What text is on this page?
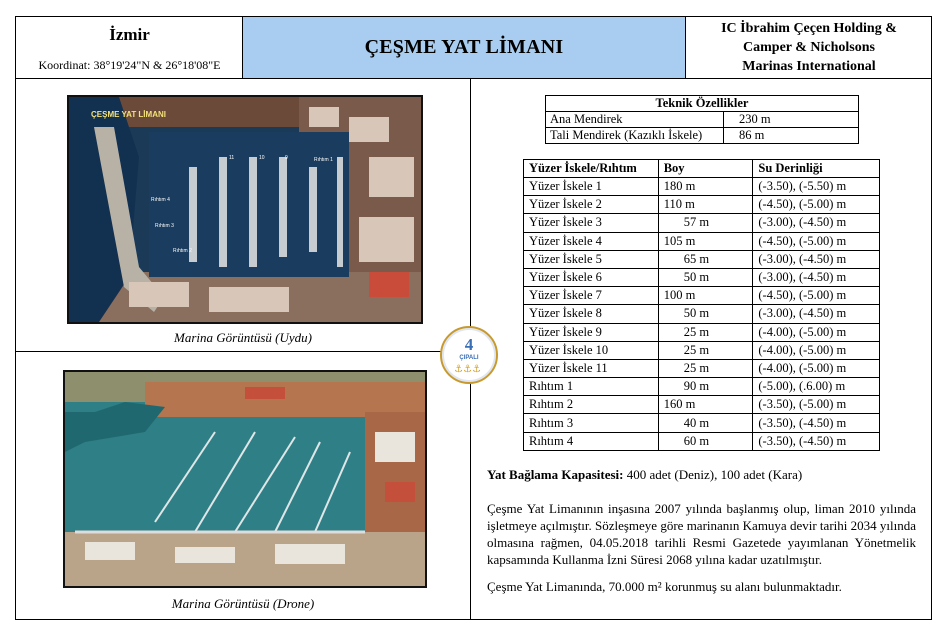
İzmir
Koordinat: 38°19'24"N & 26°18'08"E
ÇEŞME YAT LİMANI
IC İbrahim Çeçen Holding &
Camper & Nicholsons
Marinas International
ÇEŞME YAT LİMANI
11	10	9	Rıhtım 1
Rıhtım 4
Rıhtım 3
Rıhtım 2
Marina Görüntüsü (Uydu)
Marina Görüntüsü (Drone)
4
ÇIPALI
⚓ ⚓ ⚓
Teknik Özellikler	
Ana Mendirek	230 m
Tali Mendirek (Kazıklı İskele)	86 m
Yüzer İskele/Rıhtım	Boy	Su Derinliği
Yüzer İskele 1	180 m	(-3.50), (-5.50) m
Yüzer İskele 2	110 m	(-4.50), (-5.00) m
Yüzer İskele 3	57 m	(-3.00), (-4.50) m
Yüzer İskele 4	105 m	(-4.50), (-5.00) m
Yüzer İskele 5	65 m	(-3.00), (-4.50) m
Yüzer İskele 6	50 m	(-3.00), (-4.50) m
Yüzer İskele 7	100 m	(-4.50), (-5.00) m
Yüzer İskele 8	50 m	(-3.00), (-4.50) m
Yüzer İskele 9	25 m	(-4.00), (-5.00) m
Yüzer İskele 10	25 m	(-4.00), (-5.00) m
Yüzer İskele 11	25 m	(-4.00), (-5.00) m
Rıhtım 1	90 m	(-5.00), (.6.00) m
Rıhtım 2	160 m	(-3.50), (-5.00) m
Rıhtım 3	40 m	(-3.50), (-4.50) m
Rıhtım 4	60 m	(-3.50), (-4.50) m
Yat Bağlama Kapasitesi: 400 adet (Deniz), 100 adet (Kara)
Çeşme Yat Limanının inşasına 2007 yılında başlanmış olup, liman 2010 yılında işletmeye açılmıştır. Sözleşmeye göre marinanın Kamuya devir tarihi 2034 yılında olmasına rağmen, 04.05.2018 tarihli Resmi Gazetede yayımlanan Yönetmelik kapsamında Kullanma İzni Süresi 2068 yılına kadar uzatılmıştır.
Çeşme Yat Limanında, 70.000 m² korunmuş su alanı bulunmaktadır.
